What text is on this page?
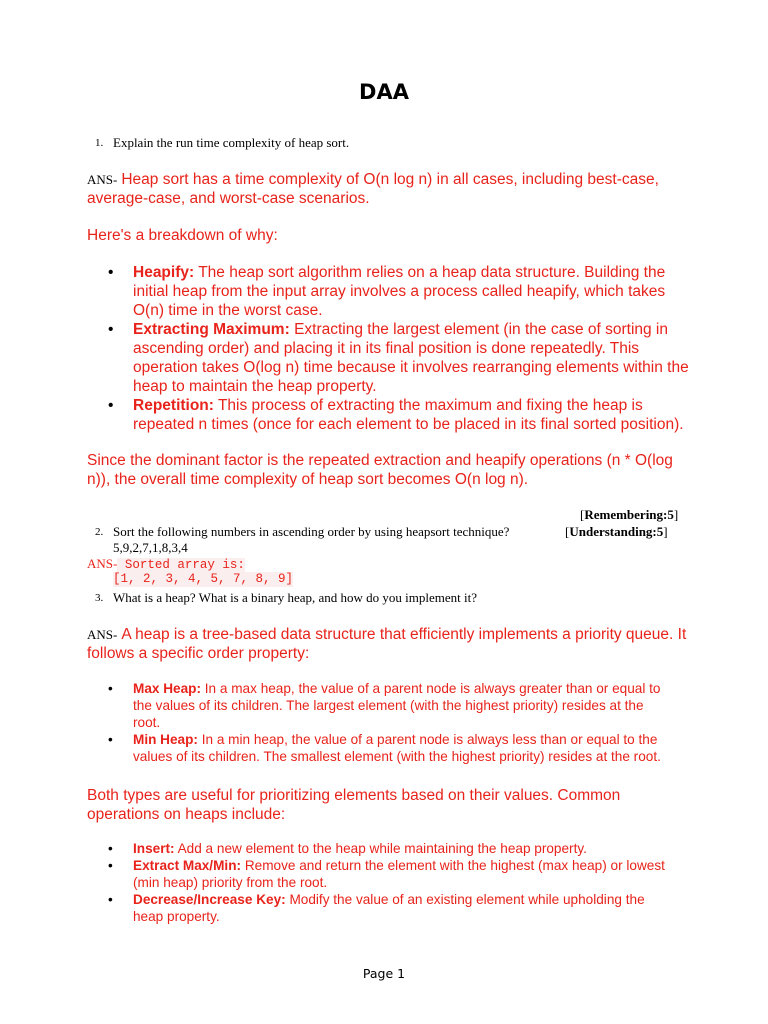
DAA
1. Explain the run time complexity of heap sort.
ANS- Heap sort has a time complexity of O(n log n) in all cases, including best-case, average-case, and worst-case scenarios.
Here's a breakdown of why:
• Heapify: The heap sort algorithm relies on a heap data structure. Building the
initial heap from the input array involves a process called heapify, which takes
O(n) time in the worst case.
• Extracting Maximum: Extracting the largest element (in the case of sorting in
ascending order) and placing it in its final position is done repeatedly. This
operation takes O(log n) time because it involves rearranging elements within the
heap to maintain the heap property.
• Repetition: This process of extracting the maximum and fixing the heap is
repeated n times (once for each element to be placed in its final sorted position).
Since the dominant factor is the repeated extraction and heapify operations (n * O(log
n)), the overall time complexity of heap sort becomes O(n log n).
[Remembering:5]
2. Sort the following numbers in ascending order by using heapsort technique?	[Understanding:5]
5,9,2,7,1,8,3,4
ANS- Sorted array is:
[1, 2, 3, 4, 5, 7, 8, 9]
3. What is a heap? What is a binary heap, and how do you implement it?
ANS- A heap is a tree-based data structure that efficiently implements a priority queue. It
follows a specific order property:
• Max Heap: In a max heap, the value of a parent node is always greater than or equal to
the values of its children. The largest element (with the highest priority) resides at the
root.
• Min Heap: In a min heap, the value of a parent node is always less than or equal to the
values of its children. The smallest element (with the highest priority) resides at the root.
Both types are useful for prioritizing elements based on their values. Common
operations on heaps include:
• Insert: Add a new element to the heap while maintaining the heap property.
• Extract Max/Min: Remove and return the element with the highest (max heap) or lowest
(min heap) priority from the root.
• Decrease/Increase Key: Modify the value of an existing element while upholding the
heap property.
Page 1
